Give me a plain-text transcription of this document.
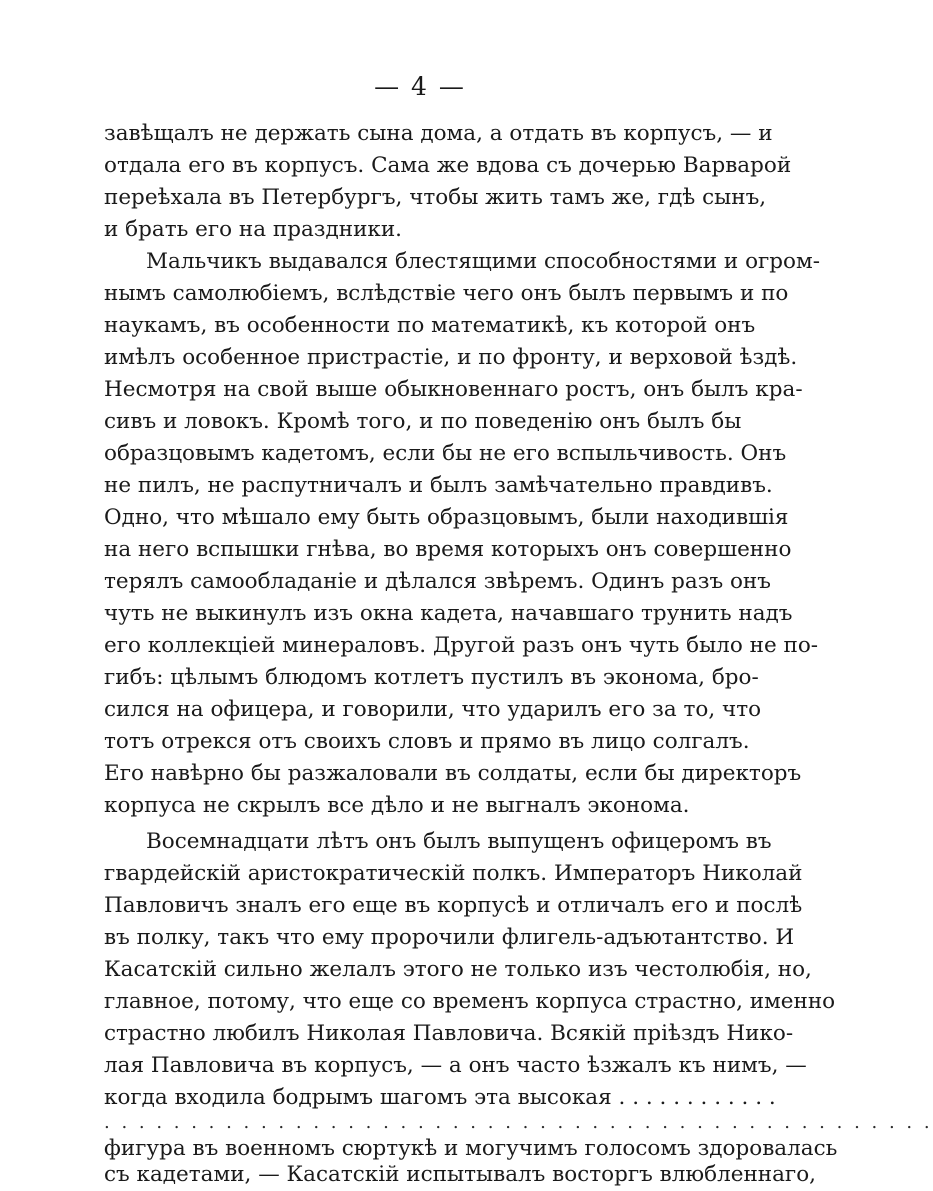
— 4 —
завѣщалъ не держать сына дома, а отдать въ корпусъ, — и
отдала его въ корпусъ. Сама же вдова съ дочерью Варварой
переѣхала въ Петербургъ, чтобы жить тамъ же, гдѣ сынъ,
и брать его на праздники.
Мальчикъ выдавался блестящими способностями и огром-
нымъ самолюбіемъ, вслѣдствіе чего онъ былъ первымъ и по
наукамъ, въ особенности по математикѣ, къ которой онъ
имѣлъ особенное пристрастіе, и по фронту, и верховой ѣздѣ.
Несмотря на свой выше обыкновеннаго ростъ, онъ былъ кра-
сивъ и ловокъ. Кромѣ того, и по поведенію онъ былъ бы
образцовымъ кадетомъ, если бы не его вспыльчивость. Онъ
не пилъ, не распутничалъ и былъ замѣчательно правдивъ.
Одно, что мѣшало ему быть образцовымъ, были находившія
на него вспышки гнѣва, во время которыхъ онъ совершенно
терялъ самообладаніе и дѣлался звѣремъ. Одинъ разъ онъ
чуть не выкинулъ изъ окна кадета, начавшаго трунить надъ
его коллекціей минераловъ. Другой разъ онъ чуть было не по-
гибъ: цѣлымъ блюдомъ котлетъ пустилъ въ эконома, бро-
сился на офицера, и говорили, что ударилъ его за то, что
тотъ отрекся отъ своихъ словъ и прямо въ лицо солгалъ.
Его навѣрно бы разжаловали въ солдаты, если бы директоръ
корпуса не скрылъ все дѣло и не выгналъ эконома.
Восемнадцати лѣтъ онъ былъ выпущенъ офицеромъ въ
гвардейскій аристократическій полкъ. Императоръ Николай
Павловичъ зналъ его еще въ корпусѣ и отличалъ его и послѣ
въ полку, такъ что ему пророчили флигель-адъютантство. И
Касатскій сильно желалъ этого не только изъ честолюбія, но,
главное, потому, что еще со временъ корпуса страстно, именно
страстно любилъ Николая Павловича. Всякій пріѣздъ Нико-
лая Павловича въ корпусъ, — а онъ часто ѣзжалъ къ нимъ, —
когда входила бодрымъ шагомъ эта высокая . . . . . . . . . . . .
. . . . . . . . . . . . . . . . . . . . . . . . . . . . . . . . . . . . . . . . . . . . . . . .
фигура въ военномъ сюртукѣ и могучимъ голосомъ здоровалась
съ кадетами, — Касатскій испытывалъ восторгъ влюбленнаго,
